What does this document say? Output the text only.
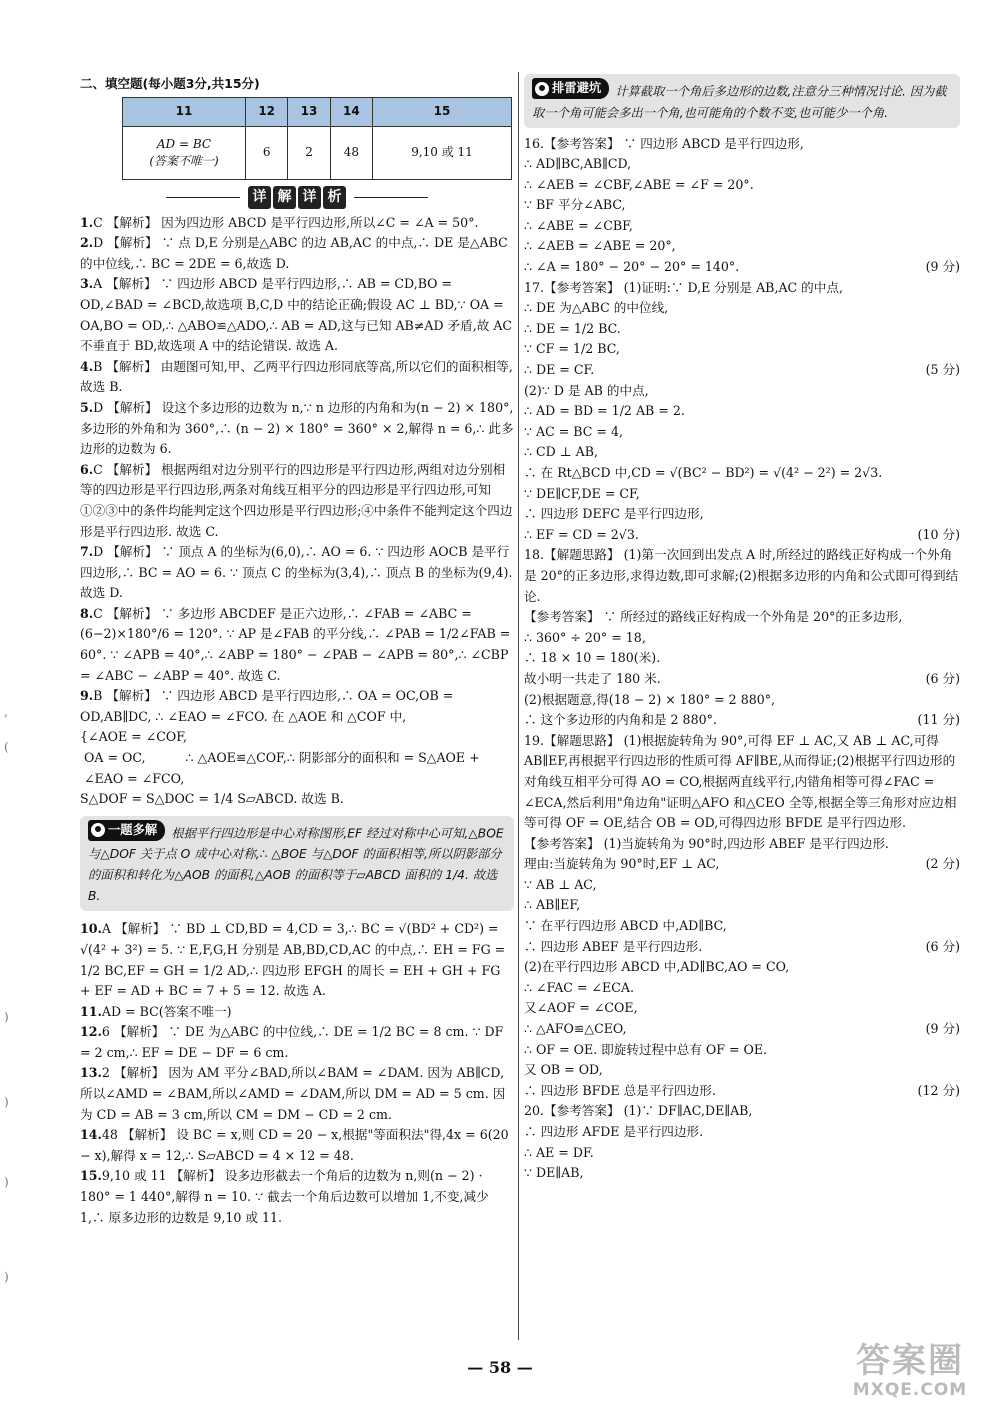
二、填空题(每小题3分,共15分)

11	12	13	14	15
AD = BC
(答案不唯一)	6	2	48	9,10 或 11
详 解 详 析

1.C 【解析】 因为四边形 ABCD 是平行四边形,所以∠C = ∠A = 50°.

2.D 【解析】 ∵ 点 D,E 分别是△ABC 的边 AB,AC 的中点,∴ DE 是△ABC 的中位线,∴ BC = 2DE = 6,故选 D.

3.A 【解析】 ∵ 四边形 ABCD 是平行四边形,∴ AB = CD,BO = OD,∠BAD = ∠BCD,故选项 B,C,D 中的结论正确;假设 AC ⊥ BD,∵ OA = OA,BO = OD,∴ △ABO≌△ADO,∴ AB = AD,这与已知 AB≠AD 矛盾,故 AC 不垂直于 BD,故选项 A 中的结论错误. 故选 A.

4.B 【解析】 由题图可知,甲、乙两平行四边形同底等高,所以它们的面积相等,故选 B.

5.D 【解析】 设这个多边形的边数为 n,∵ n 边形的内角和为(n − 2) × 180°,多边形的外角和为 360°,∴ (n − 2) × 180° = 360° × 2,解得 n = 6,∴ 此多边形的边数为 6.

6.C 【解析】 根据两组对边分别平行的四边形是平行四边形,两组对边分别相等的四边形是平行四边形,两条对角线互相平分的四边形是平行四边形,可知①②③中的条件均能判定这个四边形是平行四边形;④中条件不能判定这个四边形是平行四边形. 故选 C.

7.D 【解析】 ∵ 顶点 A 的坐标为(6,0),∴ AO = 6. ∵ 四边形 AOCB 是平行四边形,∴ BC = AO = 6. ∵ 顶点 C 的坐标为(3,4),∴ 顶点 B 的坐标为(9,4). 故选 D.

8.C 【解析】 ∵ 多边形 ABCDEF 是正六边形,∴ ∠FAB = ∠ABC = (6−2)×180°/6 = 120°. ∵ AP 是∠FAB 的平分线,∴ ∠PAB = 1/2∠FAB = 60°. ∵ ∠APB = 40°,∴ ∠ABP = 180° − ∠PAB − ∠APB = 80°,∴ ∠CBP = ∠ABC − ∠ABP = 40°. 故选 C.

9.B 【解析】 ∵ 四边形 ABCD 是平行四边形,∴ OA = OC,OB = OD,AB∥DC, ∴ ∠EAO = ∠FCO. 在 △AOE 和 △COF 中,
{∠AOE = ∠COF,
OA = OC,          ∴ △AOE≌△COF,∴ 阴影部分的面积和 = S△AOE +
∠EAO = ∠FCO,
S△DOF = S△DOC = 1/4 S▱ABCD. 故选 B.

一题多解 根据平行四边形是中心对称图形,EF 经过对称中心可知,△BOE 与△DOF 关于点 O 成中心对称,∴ △BOE 与△DOF 的面积相等,所以阴影部分的面积和转化为△AOB 的面积,△AOB 的面积等于▱ABCD 面积的 1/4. 故选 B.

10.A 【解析】 ∵ BD ⊥ CD,BD = 4,CD = 3,∴ BC = √(BD² + CD²) = √(4² + 3²) = 5. ∵ E,F,G,H 分别是 AB,BD,CD,AC 的中点,∴ EH = FG = 1/2 BC,EF = GH = 1/2 AD,∴ 四边形 EFGH 的周长 = EH + GH + FG + EF = AD + BC = 7 + 5 = 12. 故选 A.

11.AD = BC(答案不唯一)

12.6 【解析】 ∵ DE 为△ABC 的中位线,∴ DE = 1/2 BC = 8 cm. ∵ DF = 2 cm,∴ EF = DE − DF = 6 cm.

13.2 【解析】 因为 AM 平分∠BAD,所以∠BAM = ∠DAM. 因为 AB∥CD,所以∠AMD = ∠BAM,所以∠AMD = ∠DAM,所以 DM = AD = 5 cm. 因为 CD = AB = 3 cm,所以 CM = DM − CD = 2 cm.

14.48 【解析】 设 BC = x,则 CD = 20 − x,根据"等面积法"得,4x = 6(20 − x),解得 x = 12,∴ S▱ABCD = 4 × 12 = 48.

15.9,10 或 11 【解析】 设多边形截去一个角后的边数为 n,则(n − 2) · 180° = 1 440°,解得 n = 10. ∵ 截去一个角后边数可以增加 1,不变,减少 1,∴ 原多边形的边数是 9,10 或 11.

排雷避坑 计算截取一个角后多边形的边数,注意分三种情况讨论. 因为截取一个角可能会多出一个角,也可能角的个数不变,也可能少一个角.

16.【参考答案】 ∵ 四边形 ABCD 是平行四边形,

∴ AD∥BC,AB∥CD,

∴ ∠AEB = ∠CBF,∠ABE = ∠F = 20°.

∵ BF 平分∠ABC,

∴ ∠ABE = ∠CBF,

∴ ∠AEB = ∠ABE = 20°,

(9 分)
∴ ∠A = 180° − 20° − 20° = 140°.

17.【参考答案】 (1)证明:∵ D,E 分别是 AB,AC 的中点,

∴ DE 为△ABC 的中位线,

∴ DE = 1/2 BC.

∵ CF = 1/2 BC,

(5 分)
∴ DE = CF.

(2)∵ D 是 AB 的中点,

∴ AD = BD = 1/2 AB = 2.

∵ AC = BC = 4,

∴ CD ⊥ AB,

∴ 在 Rt△BCD 中,CD = √(BC² − BD²) = √(4² − 2²) = 2√3.

∵ DE∥CF,DE = CF,

∴ 四边形 DEFC 是平行四边形,

(10 分)
∴ EF = CD = 2√3.

18.【解题思路】 (1)第一次回到出发点 A 时,所经过的路线正好构成一个外角是 20°的正多边形,求得边数,即可求解;(2)根据多边形的内角和公式即可得到结论.

【参考答案】 ∵ 所经过的路线正好构成一个外角是 20°的正多边形,

∴ 360° ÷ 20° = 18,

∴ 18 × 10 = 180(米).

(6 分)
故小明一共走了 180 米.

(2)根据题意,得(18 − 2) × 180° = 2 880°,

(11 分)
∴ 这个多边形的内角和是 2 880°.

19.【解题思路】 (1)根据旋转角为 90°,可得 EF ⊥ AC,又 AB ⊥ AC,可得 AB∥EF,再根据平行四边形的性质可得 AF∥BE,从而得证;(2)根据平行四边形的对角线互相平分可得 AO = CO,根据两直线平行,内错角相等可得∠FAC = ∠ECA,然后利用"角边角"证明△AFO 和△CEO 全等,根据全等三角形对应边相等可得 OF = OE,结合 OB = OD,可得四边形 BFDE 是平行四边形.

【参考答案】 (1)当旋转角为 90°时,四边形 ABEF 是平行四边形.

(2 分)

理由:当旋转角为 90°时,EF ⊥ AC,

∵ AB ⊥ AC,

∴ AB∥EF,

∵ 在平行四边形 ABCD 中,AD∥BC,

(6 分)
∴ 四边形 ABEF 是平行四边形.

(2)在平行四边形 ABCD 中,AD∥BC,AO = CO,

∴ ∠FAC = ∠ECA.

又∠AOF = ∠COE,

(9 分)
∴ △AFO≌△CEO,

∴ OF = OE. 即旋转过程中总有 OF = OE.

又 OB = OD,

(12 分)
∴ 四边形 BFDE 总是平行四边形.

20.【参考答案】 (1)∵ DF∥AC,DE∥AB,

∴ 四边形 AFDE 是平行四边形.

∴ AE = DF.

∵ DE∥AB,

— 58 —	答案圈
MXQE.COM
,
(
)
)
)
)
